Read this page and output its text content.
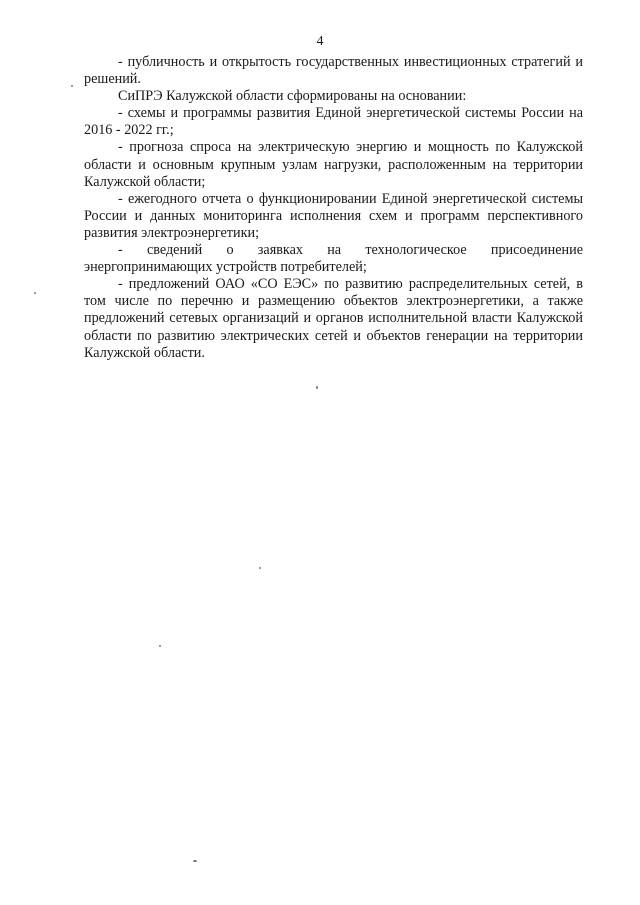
4

- публичность и открытость государственных инвестиционных стратегий и решений.

СиПРЭ Калужской области сформированы на основании:

- схемы и программы развития Единой энергетической системы России на 2016 - 2022 гг.;

- прогноза спроса на электрическую энергию и мощность по Калужской области и основным крупным узлам нагрузки, расположенным на территории Калужской области;

- ежегодного отчета о функционировании Единой энергетической системы России и данных мониторинга исполнения схем и программ перспективного развития электроэнергетики;

- сведений о заявках на технологическое присоединение энергопринимающих устройств потребителей;

- предложений ОАО «СО ЕЭС» по развитию распределительных сетей, в том числе по перечню и размещению объектов электроэнергетики, а также предложений сетевых организаций и органов исполнительной власти Калужской области по развитию электрических сетей и объектов генерации на территории Калужской области.
